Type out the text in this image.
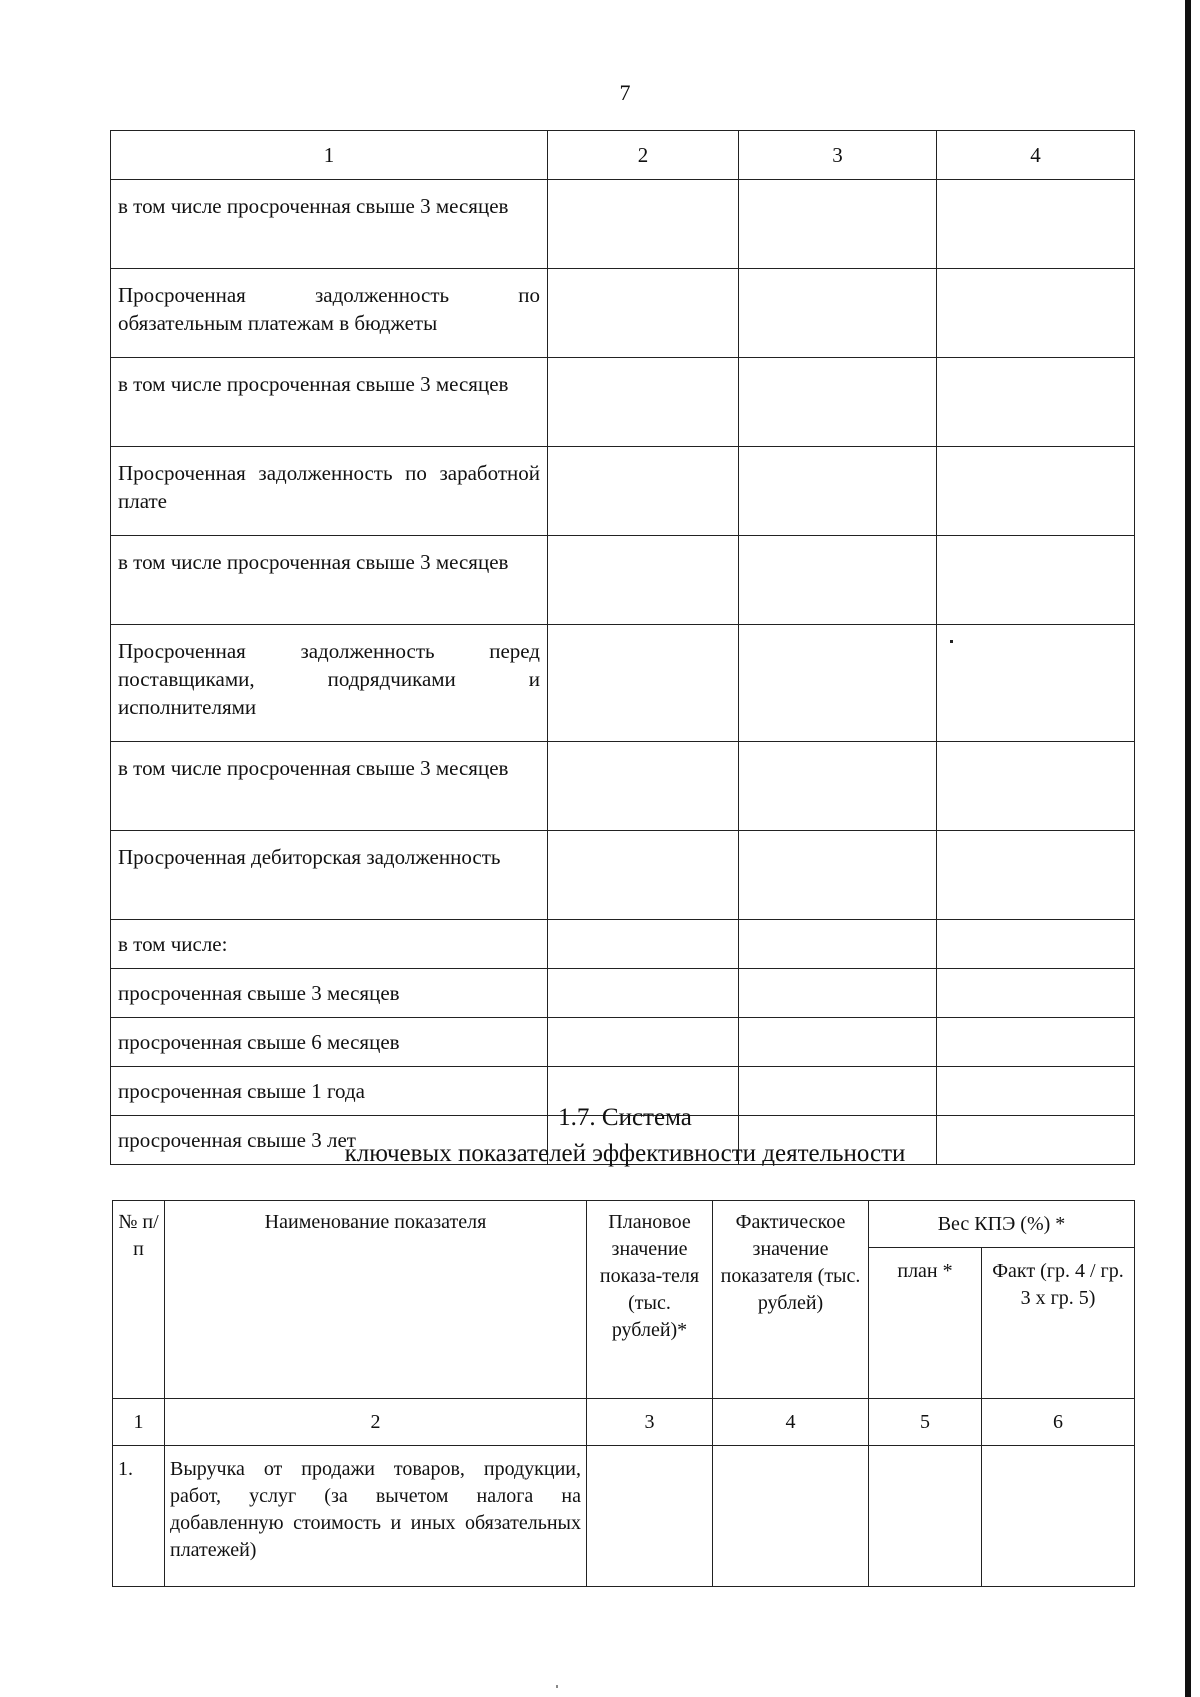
7
1	2	3	4
в том числе просроченная свыше 3 месяцев			
Просроченная задолженность по обязательным платежам в бюджеты			
в том числе просроченная свыше 3 месяцев			
Просроченная задолженность по заработной плате			
в том числе просроченная свыше 3 месяцев			
Просроченная задолженность перед поставщиками, подрядчиками и исполнителями			
в том числе просроченная свыше 3 месяцев			
Просроченная дебиторская задолженность			
в том числе:			
просроченная свыше 3 месяцев			
просроченная свыше 6 месяцев			
просроченная свыше 1 года			
просроченная свыше 3 лет			
1.7. Система
ключевых показателей эффективности деятельности
№ п/п	Наименование показателя	Плановое значение показа-теля (тыс. рублей)*	Фактическое значение показателя (тыс. рублей)	Вес КПЭ (%) *	
				план *	Факт (гр. 4 / гр. 3 х гр. 5)
1	2	3	4	5	6
1.	Выручка от продажи товаров, продукции, работ, услуг (за вычетом налога на добавленную стоимость и иных обязательных платежей)				
